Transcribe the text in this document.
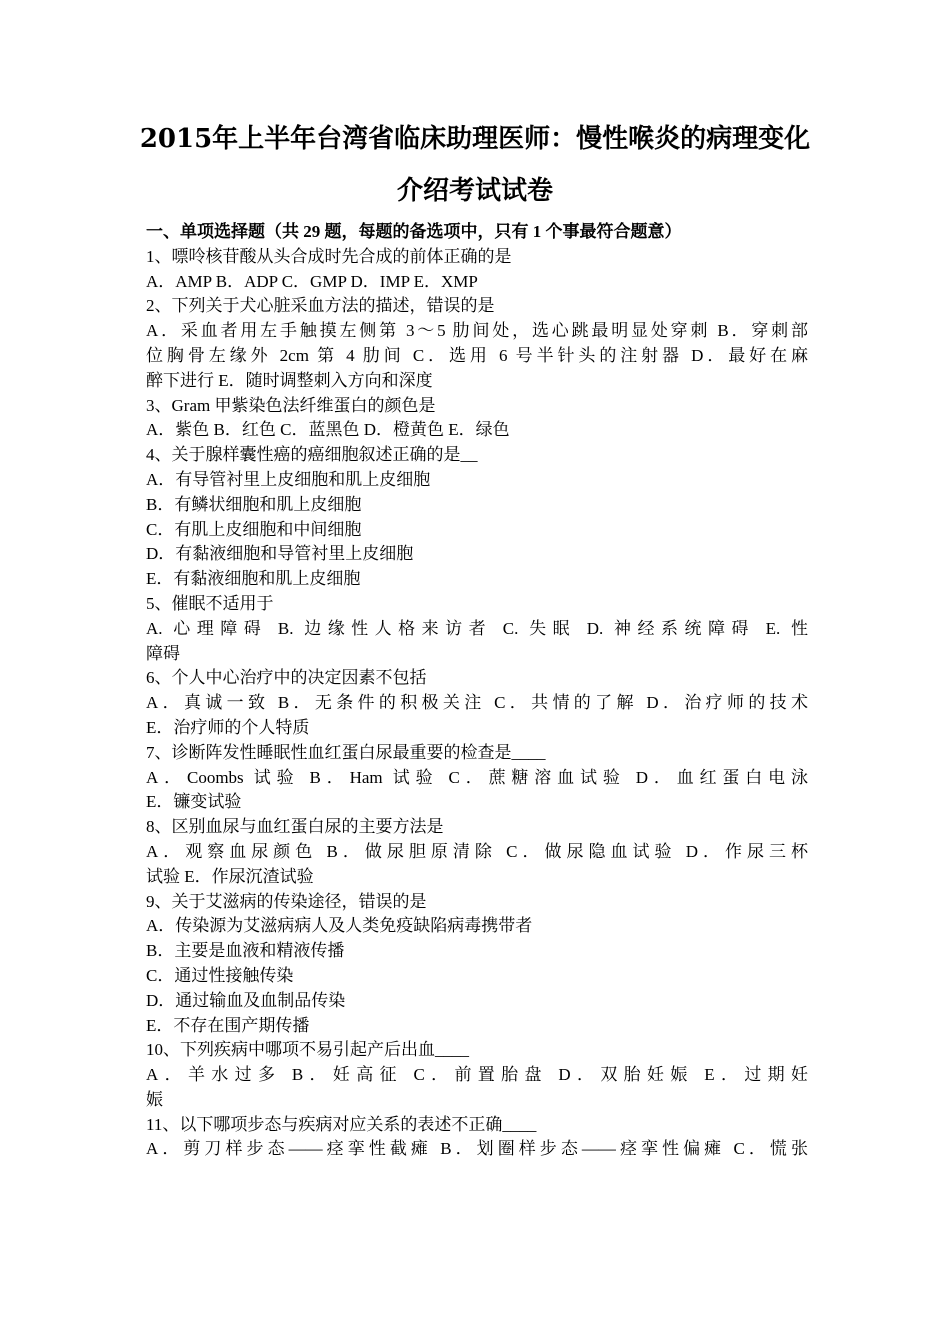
2015年上半年台湾省临床助理医师：慢性喉炎的病理变化
介绍考试试卷
一、单项选择题（共 29 题，每题的备选项中，只有 1 个事最符合题意）
1、嘌呤核苷酸从头合成时先合成的前体正确的是
A．AMP B．ADP C．GMP D．IMP E．XMP
2、下列关于犬心脏采血方法的描述，错误的是
A．采血者用左手触摸左侧第 3～5 肋间处，选心跳最明显处穿刺 B．穿刺部
位胸骨左缘外 2cm 第 4 肋间 C．选用 6 号半针头的注射器 D．最好在麻
醉下进行 E．随时调整刺入方向和深度
3、Gram 甲紫染色法纤维蛋白的颜色是
A．紫色 B．红色 C．蓝黑色 D．橙黄色 E．绿色
4、关于腺样囊性癌的癌细胞叙述正确的是__
A．有导管衬里上皮细胞和肌上皮细胞
B．有鳞状细胞和肌上皮细胞
C．有肌上皮细胞和中间细胞
D．有黏液细胞和导管衬里上皮细胞
E．有黏液细胞和肌上皮细胞
5、催眠不适用于
A. 心理障碍 B. 边缘性人格来访者 C. 失眠 D. 神经系统障碍 E. 性
障碍
6、个人中心治疗中的决定因素不包括
A．真诚一致 B．无条件的积极关注 C．共情的了解 D．治疗师的技术
E．治疗师的个人特质
7、诊断阵发性睡眠性血红蛋白尿最重要的检查是____
A．Coombs 试验 B．Ham 试验 C．蔗糖溶血试验 D．血红蛋白电泳
E．镰变试验
8、区别血尿与血红蛋白尿的主要方法是
A．观察血尿颜色 B．做尿胆原清除 C．做尿隐血试验 D．作尿三杯
试验 E．作尿沉渣试验
9、关于艾滋病的传染途径，错误的是
A．传染源为艾滋病病人及人类免疫缺陷病毒携带者
B．主要是血液和精液传播
C．通过性接触传染
D．通过输血及血制品传染
E．不存在围产期传播
10、下列疾病中哪项不易引起产后出血____
A．羊水过多 B．妊高征 C．前置胎盘 D．双胎妊娠 E．过期妊
娠
11、以下哪项步态与疾病对应关系的表述不正确____
A．剪刀样步态——痉挛性截瘫 B．划圈样步态——痉挛性偏瘫 C．慌张
